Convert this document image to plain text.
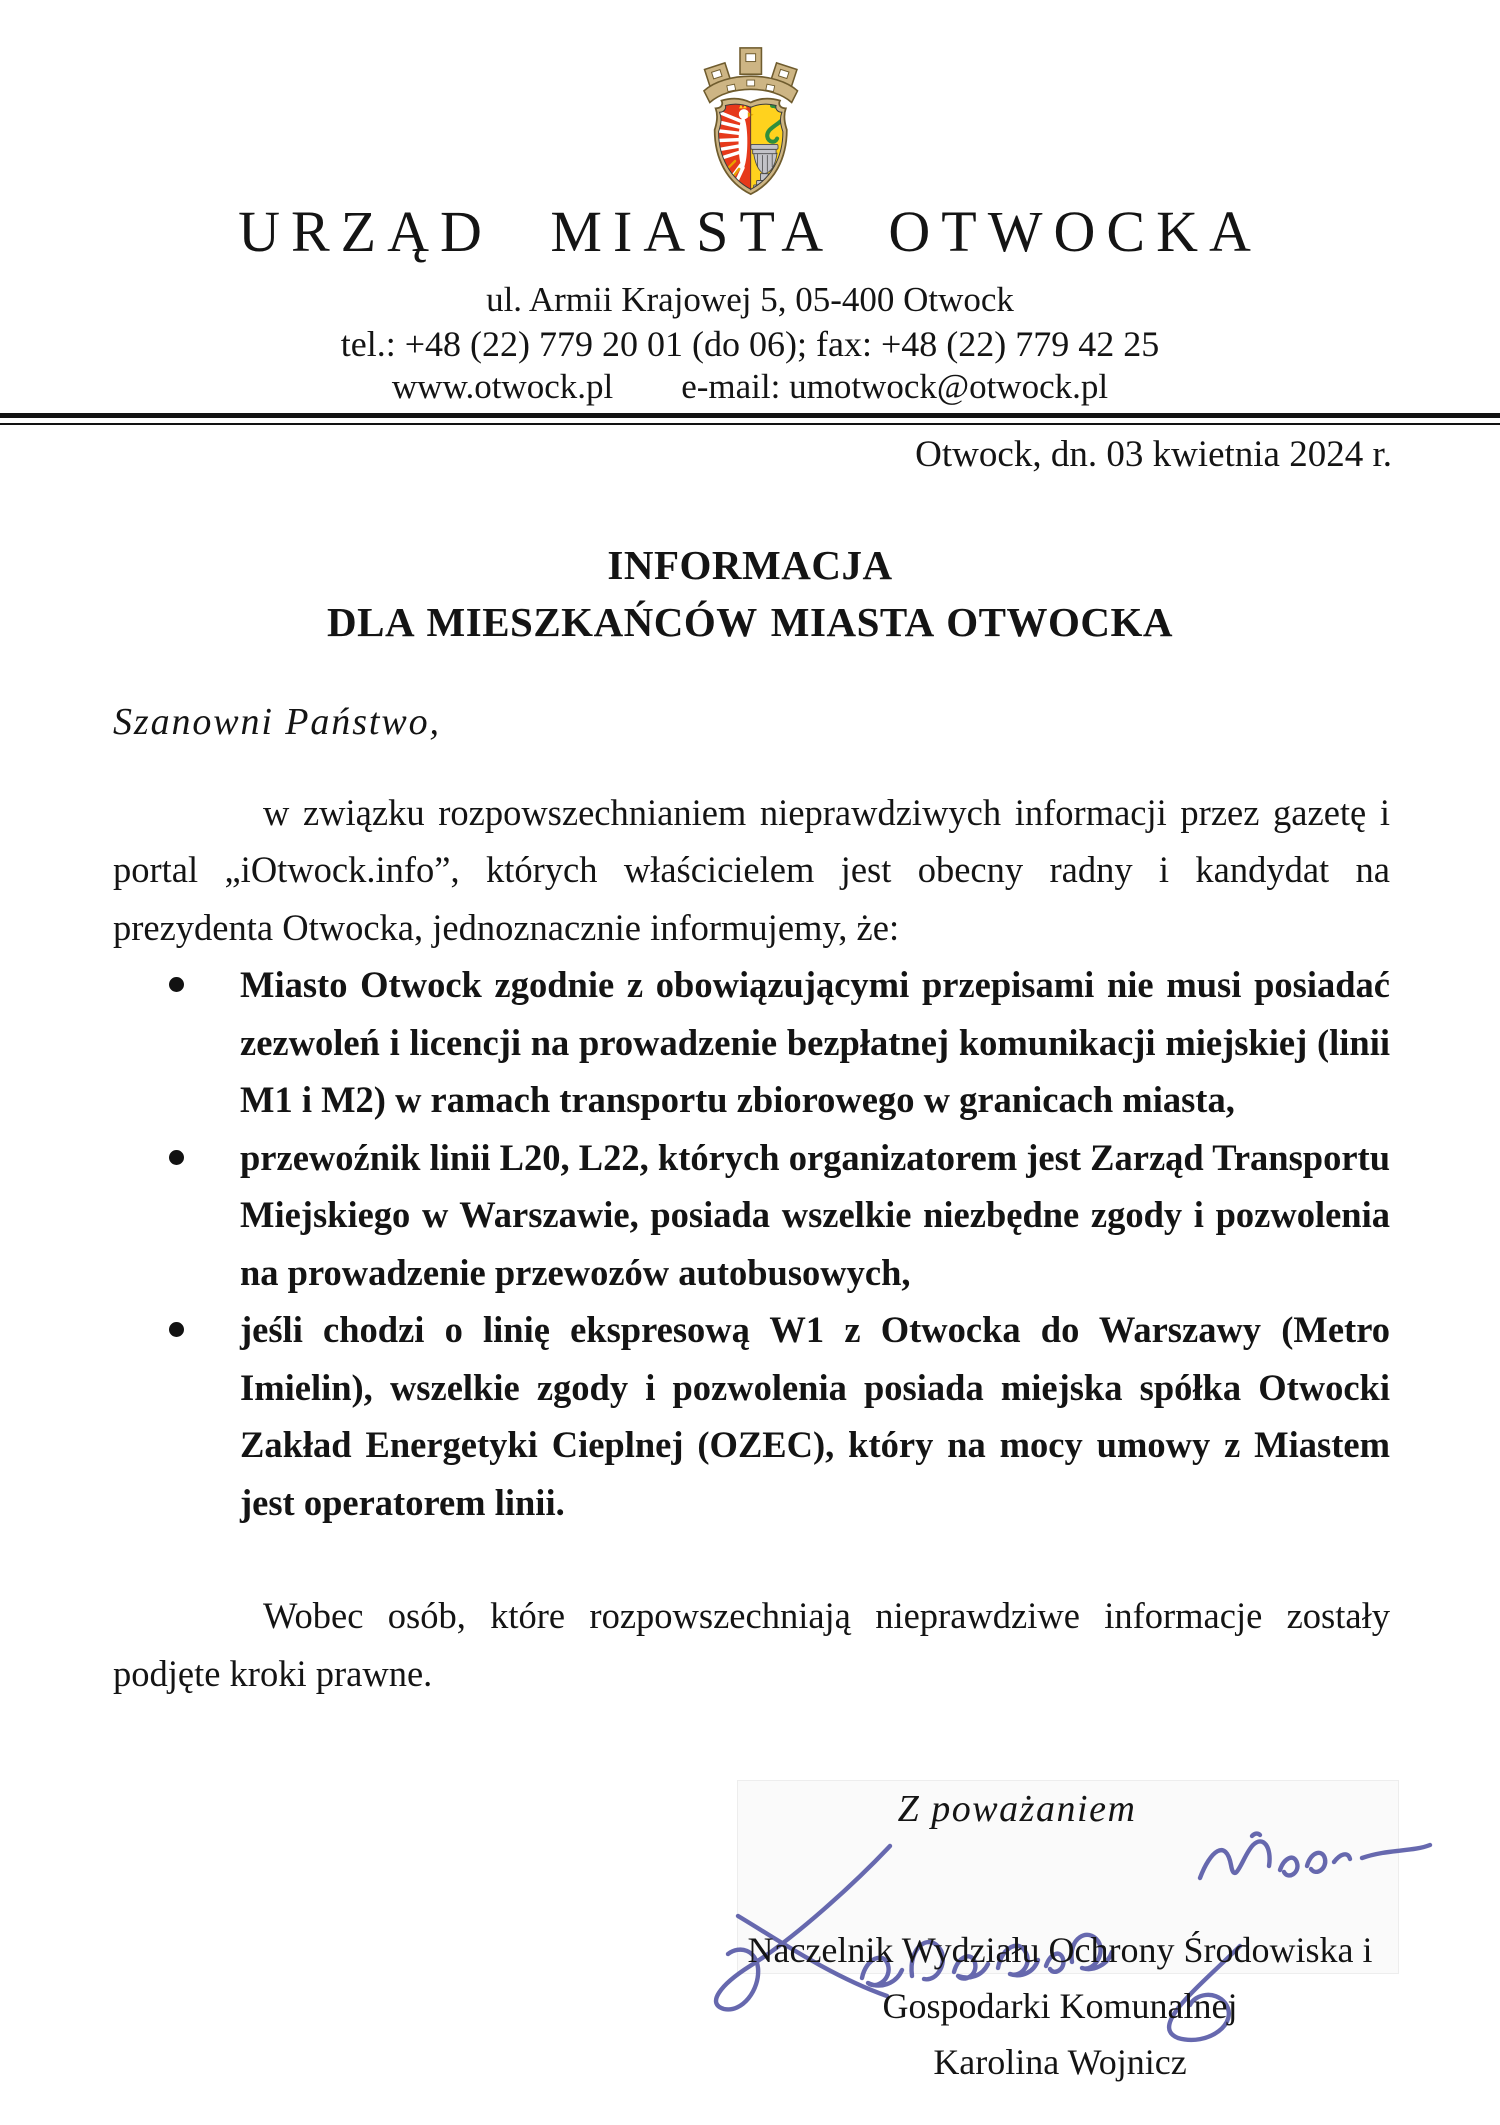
URZĄD MIASTA OTWOCKA
ul. Armii Krajowej 5, 05-400 Otwock
tel.: +48 (22) 779 20 01 (do 06); fax: +48 (22) 779 42 25
www.otwock.pl e-mail: umotwock@otwock.pl
Otwock, dn. 03 kwietnia 2024 r.
INFORMACJA
DLA MIESZKAŃCÓW MIASTA OTWOCKA

Szanowni Państwo,

w związku rozpowszechnianiem nieprawdziwych informacji przez gazetę i portal „iOtwock.info”, których właścicielem jest obecny radny i kandydat na prezydenta Otwocka, jednoznacznie informujemy, że:

Miasto Otwock zgodnie z obowiązującymi przepisami nie musi posiadać zezwoleń i licencji na prowadzenie bezpłatnej komunikacji miejskiej (linii M1 i M2) w ramach transportu zbiorowego w granicach miasta,
przewoźnik linii L20, L22, których organizatorem jest Zarząd Transportu Miejskiego w Warszawie, posiada wszelkie niezbędne zgody i pozwolenia na prowadzenie przewozów autobusowych,
jeśli chodzi o linię ekspresową W1 z Otwocka do Warszawy (Metro Imielin), wszelkie zgody i pozwolenia posiada miejska spółka Otwocki Zakład Energetyki Cieplnej (OZEC), który na mocy umowy z Miastem jest operatorem linii.

Wobec osób, które rozpowszechniają nieprawdziwe informacje zostały podjęte kroki prawne.

Z poważaniem
Naczelnik Wydziału Ochrony Środowiska i
Gospodarki Komunalnej
Karolina Wojnicz
